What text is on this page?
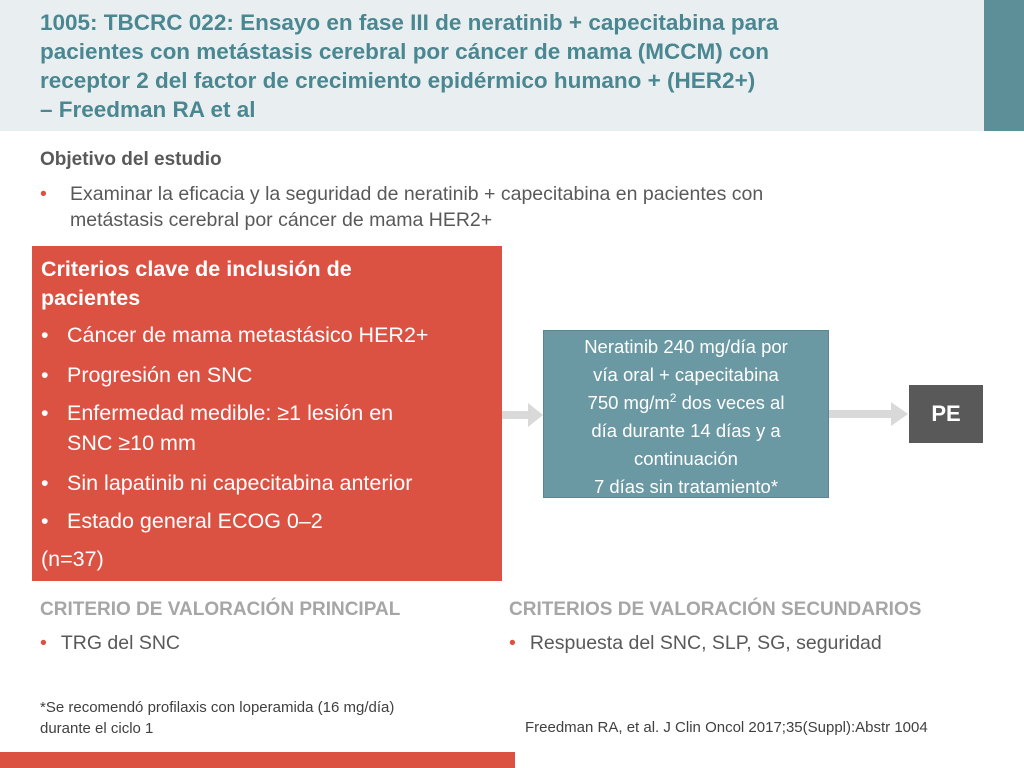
1005: TBCRC 022: Ensayo en fase III de neratinib + capecitabina para
pacientes con metástasis cerebral por cáncer de mama (MCCM) con
receptor 2 del factor de crecimiento epidérmico humano + (HER2+)
– Freedman RA et al
Objetivo del estudio
• Examinar la eficacia y la seguridad de neratinib + capecitabina en pacientes con
metástasis cerebral por cáncer de mama HER2+
Criterios clave de inclusión de
pacientes
• Cáncer de mama metastásico HER2+
• Progresión en SNC
• Enfermedad medible: ≥1 lesión en
SNC ≥10 mm
• Sin lapatinib ni capecitabina anterior
• Estado general ECOG 0–2
(n=37)
Neratinib 240 mg/día por
vía oral + capecitabina
750 $mg/m^2$ dos veces al
día durante 14 días y a
continuación
7 días sin tratamiento*
PE
CRITERIO DE VALORACIÓN PRINCIPAL
• TRG del SNC
CRITERIOS DE VALORACIÓN SECUNDARIOS
• Respuesta del SNC, SLP, SG, seguridad
*Se recomendó profilaxis con loperamida (16 mg/día)
durante el ciclo 1	Freedman RA, et al. J Clin Oncol 2017;35(Suppl):Abstr 1004
